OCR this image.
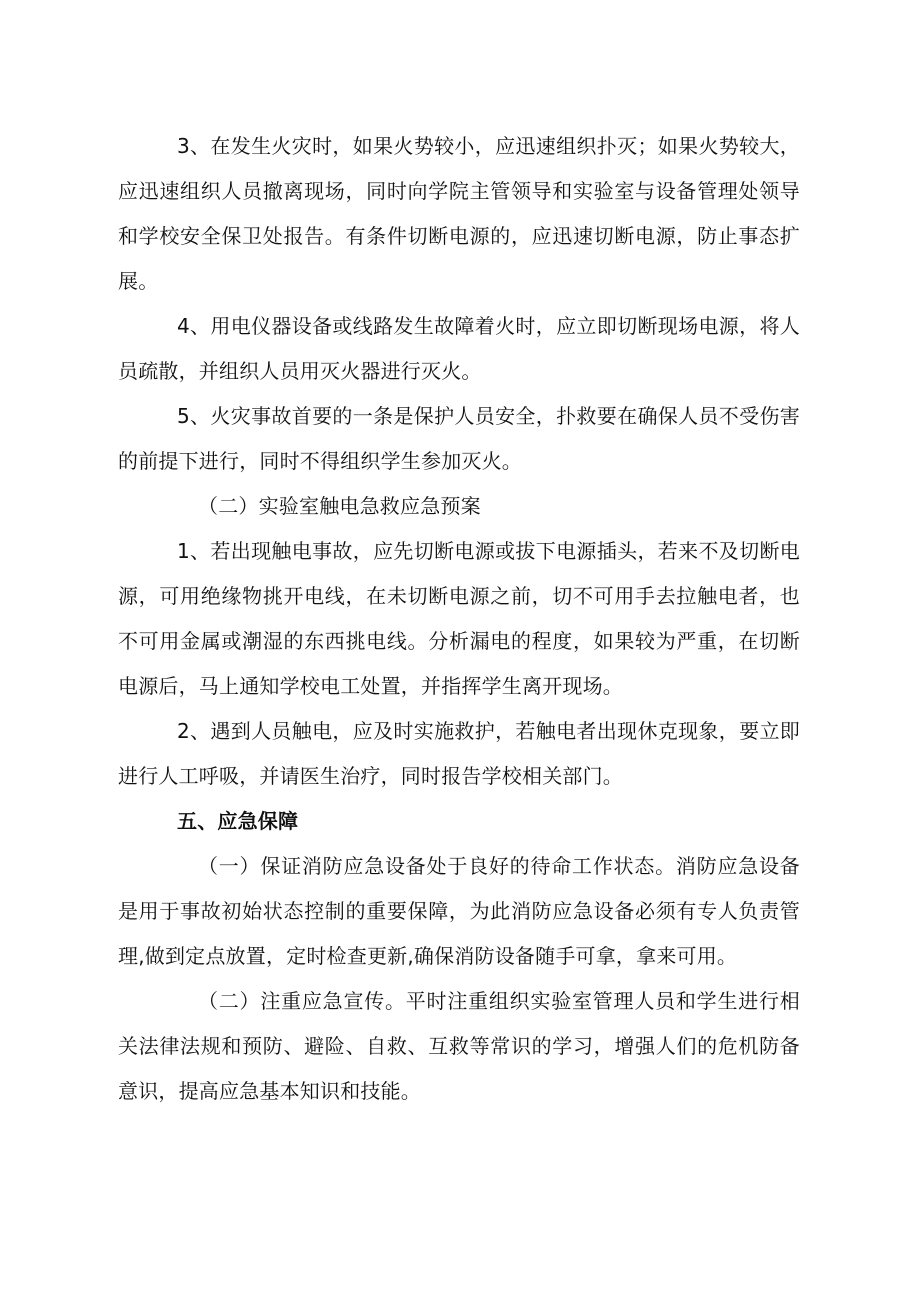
3、在发生火灾时，如果火势较小，应迅速组织扑灭；如果火势较大，应迅速组织人员撤离现场，同时向学院主管领导和实验室与设备管理处领导和学校安全保卫处报告。有条件切断电源的，应迅速切断电源，防止事态扩展。

4、用电仪器设备或线路发生故障着火时，应立即切断现场电源，将人员疏散，并组织人员用灭火器进行灭火。

5、火灾事故首要的一条是保护人员安全，扑救要在确保人员不受伤害的前提下进行，同时不得组织学生参加灭火。

（二）实验室触电急救应急预案

1、若出现触电事故，应先切断电源或拔下电源插头，若来不及切断电源，可用绝缘物挑开电线，在未切断电源之前，切不可用手去拉触电者，也不可用金属或潮湿的东西挑电线。分析漏电的程度，如果较为严重，在切断电源后，马上通知学校电工处置，并指挥学生离开现场。

2、遇到人员触电，应及时实施救护，若触电者出现休克现象，要立即进行人工呼吸，并请医生治疗，同时报告学校相关部门。

五、应急保障

（一）保证消防应急设备处于良好的待命工作状态。消防应急设备是用于事故初始状态控制的重要保障，为此消防应急设备必须有专人负责管理,做到定点放置，定时检查更新,确保消防设备随手可拿，拿来可用。

（二）注重应急宣传。平时注重组织实验室管理人员和学生进行相关法律法规和预防、避险、自救、互救等常识的学习，增强人们的危机防备意识，提高应急基本知识和技能。
